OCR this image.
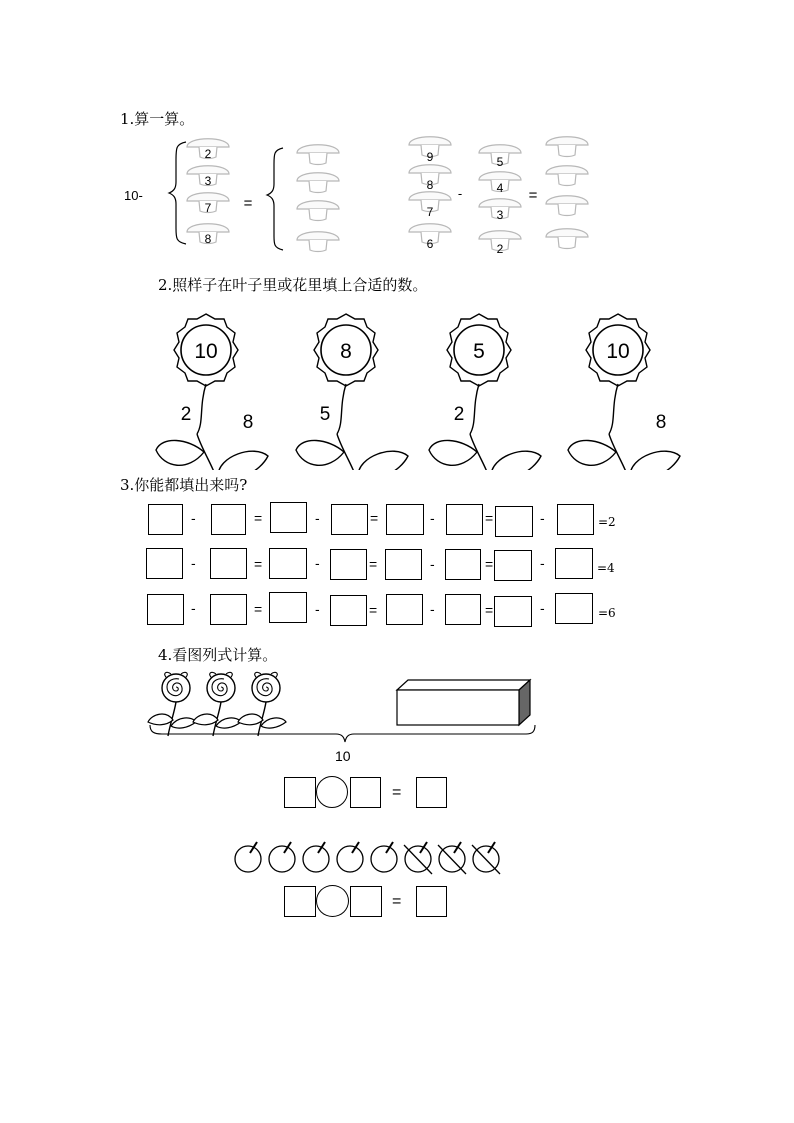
1.算一算。
10-
2
3
7
8
9
8
7
6
5
4
3
2
=
-	=
2.照样子在叶子里或花里填上合适的数。
10
2	8
8
5
5
2
10
8
3.你能都填出来吗?
-	=	-	=	-	=	-	=2
-	=	-	=	-	=	-	=4
-	=	-	=	-	=	-	=6
4.看图列式计算。
10
=
=
